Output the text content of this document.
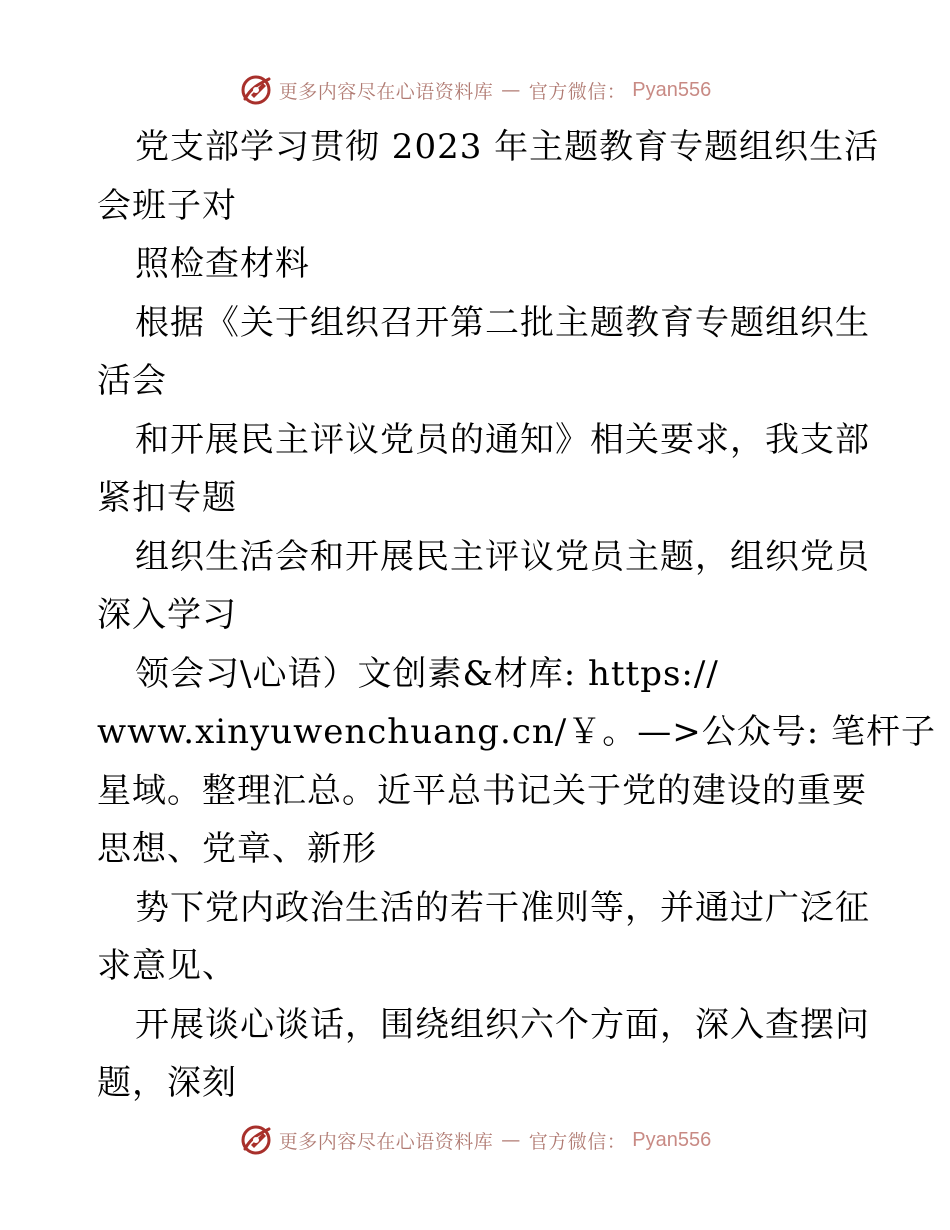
更多内容尽在心语资料库 — 官方微信： Pyan556
党支部学习贯彻 2023 年主题教育专题组织生活
会班子对
照检查材料
根据《关于组织召开第二批主题教育专题组织生
活会
和开展民主评议党员的通知》相关要求，我支部
紧扣专题
组织生活会和开展民主评议党员主题，组织党员
深入学习
领会习\心语）文创素&材库: https://
www.xinyuwenchuang.cn/￥。—>公众号: 笔杆子
星域。整理汇总。近平总书记关于党的建设的重要
思想、党章、新形
势下党内政治生活的若干准则等，并通过广泛征
求意见、
开展谈心谈话，围绕组织六个方面，深入查摆问
题，深刻
更多内容尽在心语资料库 — 官方微信： Pyan556
